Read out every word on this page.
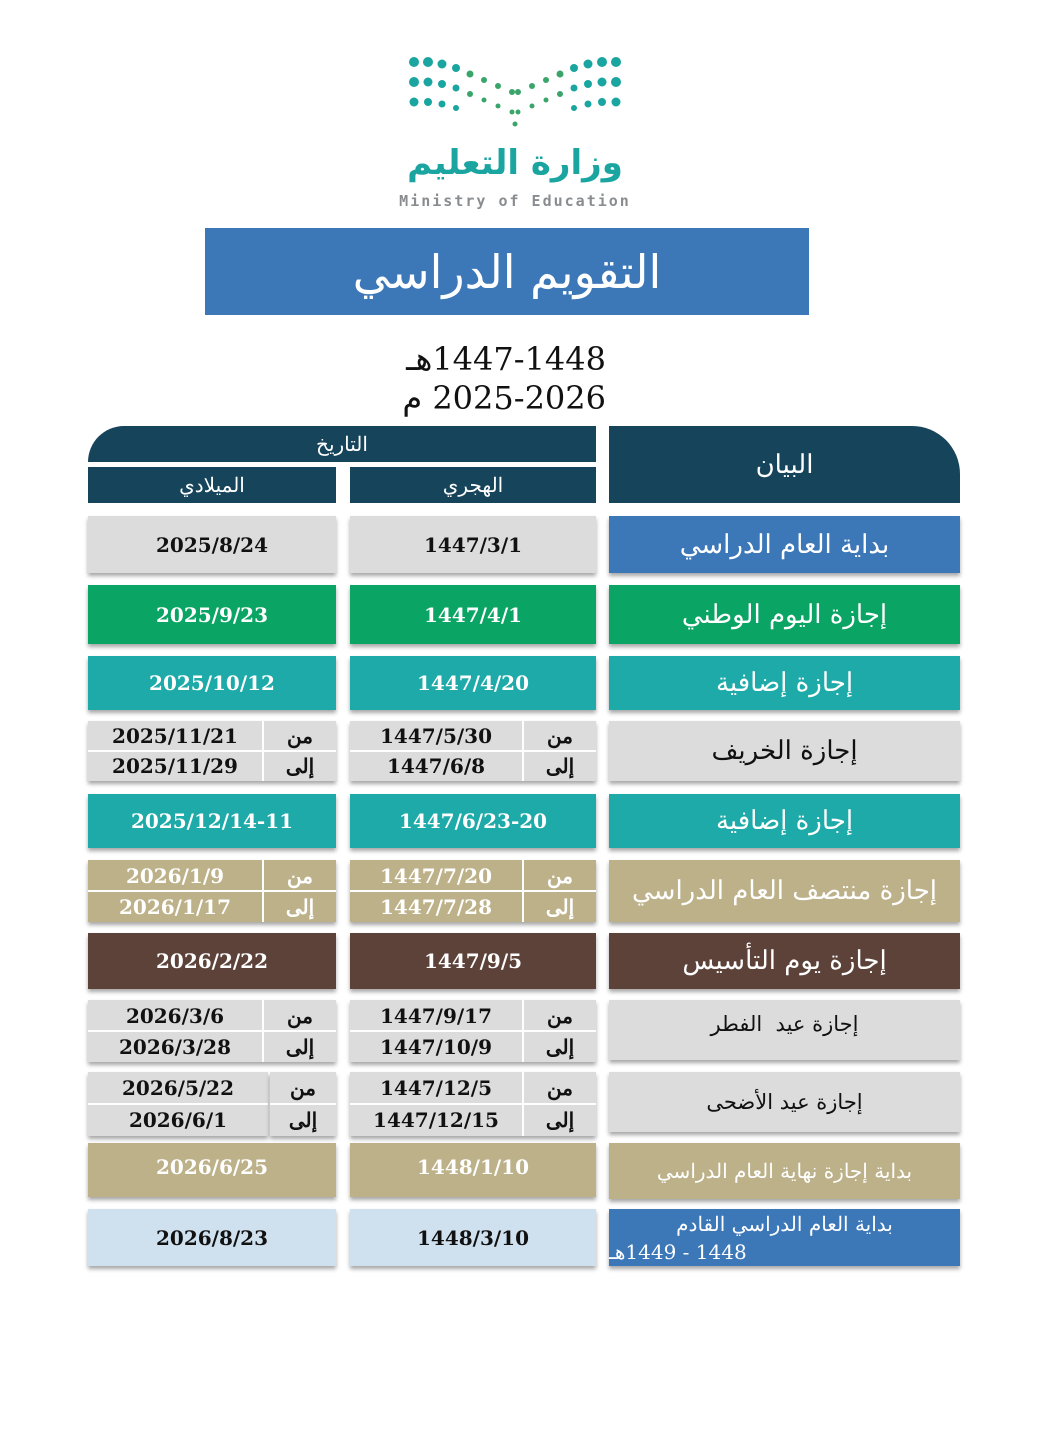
وزارة التعليم
Ministry of Education
التقويم الدراسي
1447-1448هـ
2025-2026 م
البيان
التاريخ
الهجري
الميلادي
بداية العام الدراسي
1447/3/1
2025/8/24
إجازة اليوم الوطني
1447/4/1
2025/9/23
إجازة إضافية
1447/4/20
2025/10/12
إجازة الخريف
من
1447/5/30
إلى
1447/6/8
من
2025/11/21
إلى
2025/11/29
إجازة إضافية
1447/6/23-20
2025/12/14-11
إجازة منتصف العام الدراسي
من
1447/7/20
إلى
1447/7/28
من
2026/1/9
إلى
2026/1/17
إجازة يوم التأسيس
1447/9/5
2026/2/22
إجازة عيد  الفطر
من
1447/9/17
إلى
1447/10/9
من
2026/3/6
إلى
2026/3/28
إجازة عيد الأضحى
من
1447/12/5
إلى
1447/12/15
2026/5/22
2026/6/1
من
إلى
بداية إجازة نهاية العام الدراسي
1448/1/10
2026/6/25
بداية العام الدراسي القادم
1448 - 1449هـ
1448/3/10
2026/8/23
